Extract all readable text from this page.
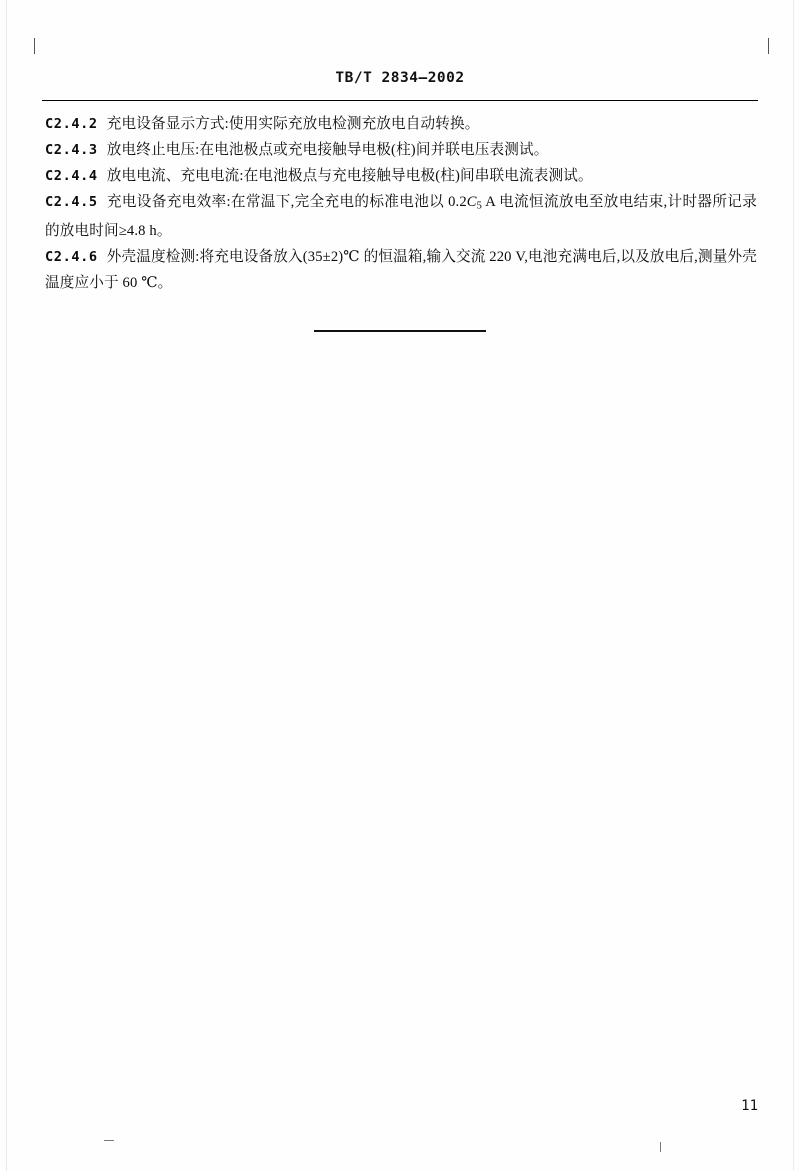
TB/T 2834—2002

C2.4.2 充电设备显示方式:使用实际充放电检测充放电自动转换。

C2.4.3 放电终止电压:在电池极点或充电接触导电极(柱)间并联电压表测试。

C2.4.4 放电电流、充电电流:在电池极点与充电接触导电极(柱)间串联电流表测试。

C2.4.5 充电设备充电效率:在常温下,完全充电的标准电池以 $0.2C_5$ A 电流恒流放电至放电结束,计时器所记录的放电时间≥4.8 h。

C2.4.6 外壳温度检测:将充电设备放入(35±2)℃ 的恒温箱,输入交流 220 V,电池充满电后,以及放电后,测量外壳温度应小于 60 ℃。

11
